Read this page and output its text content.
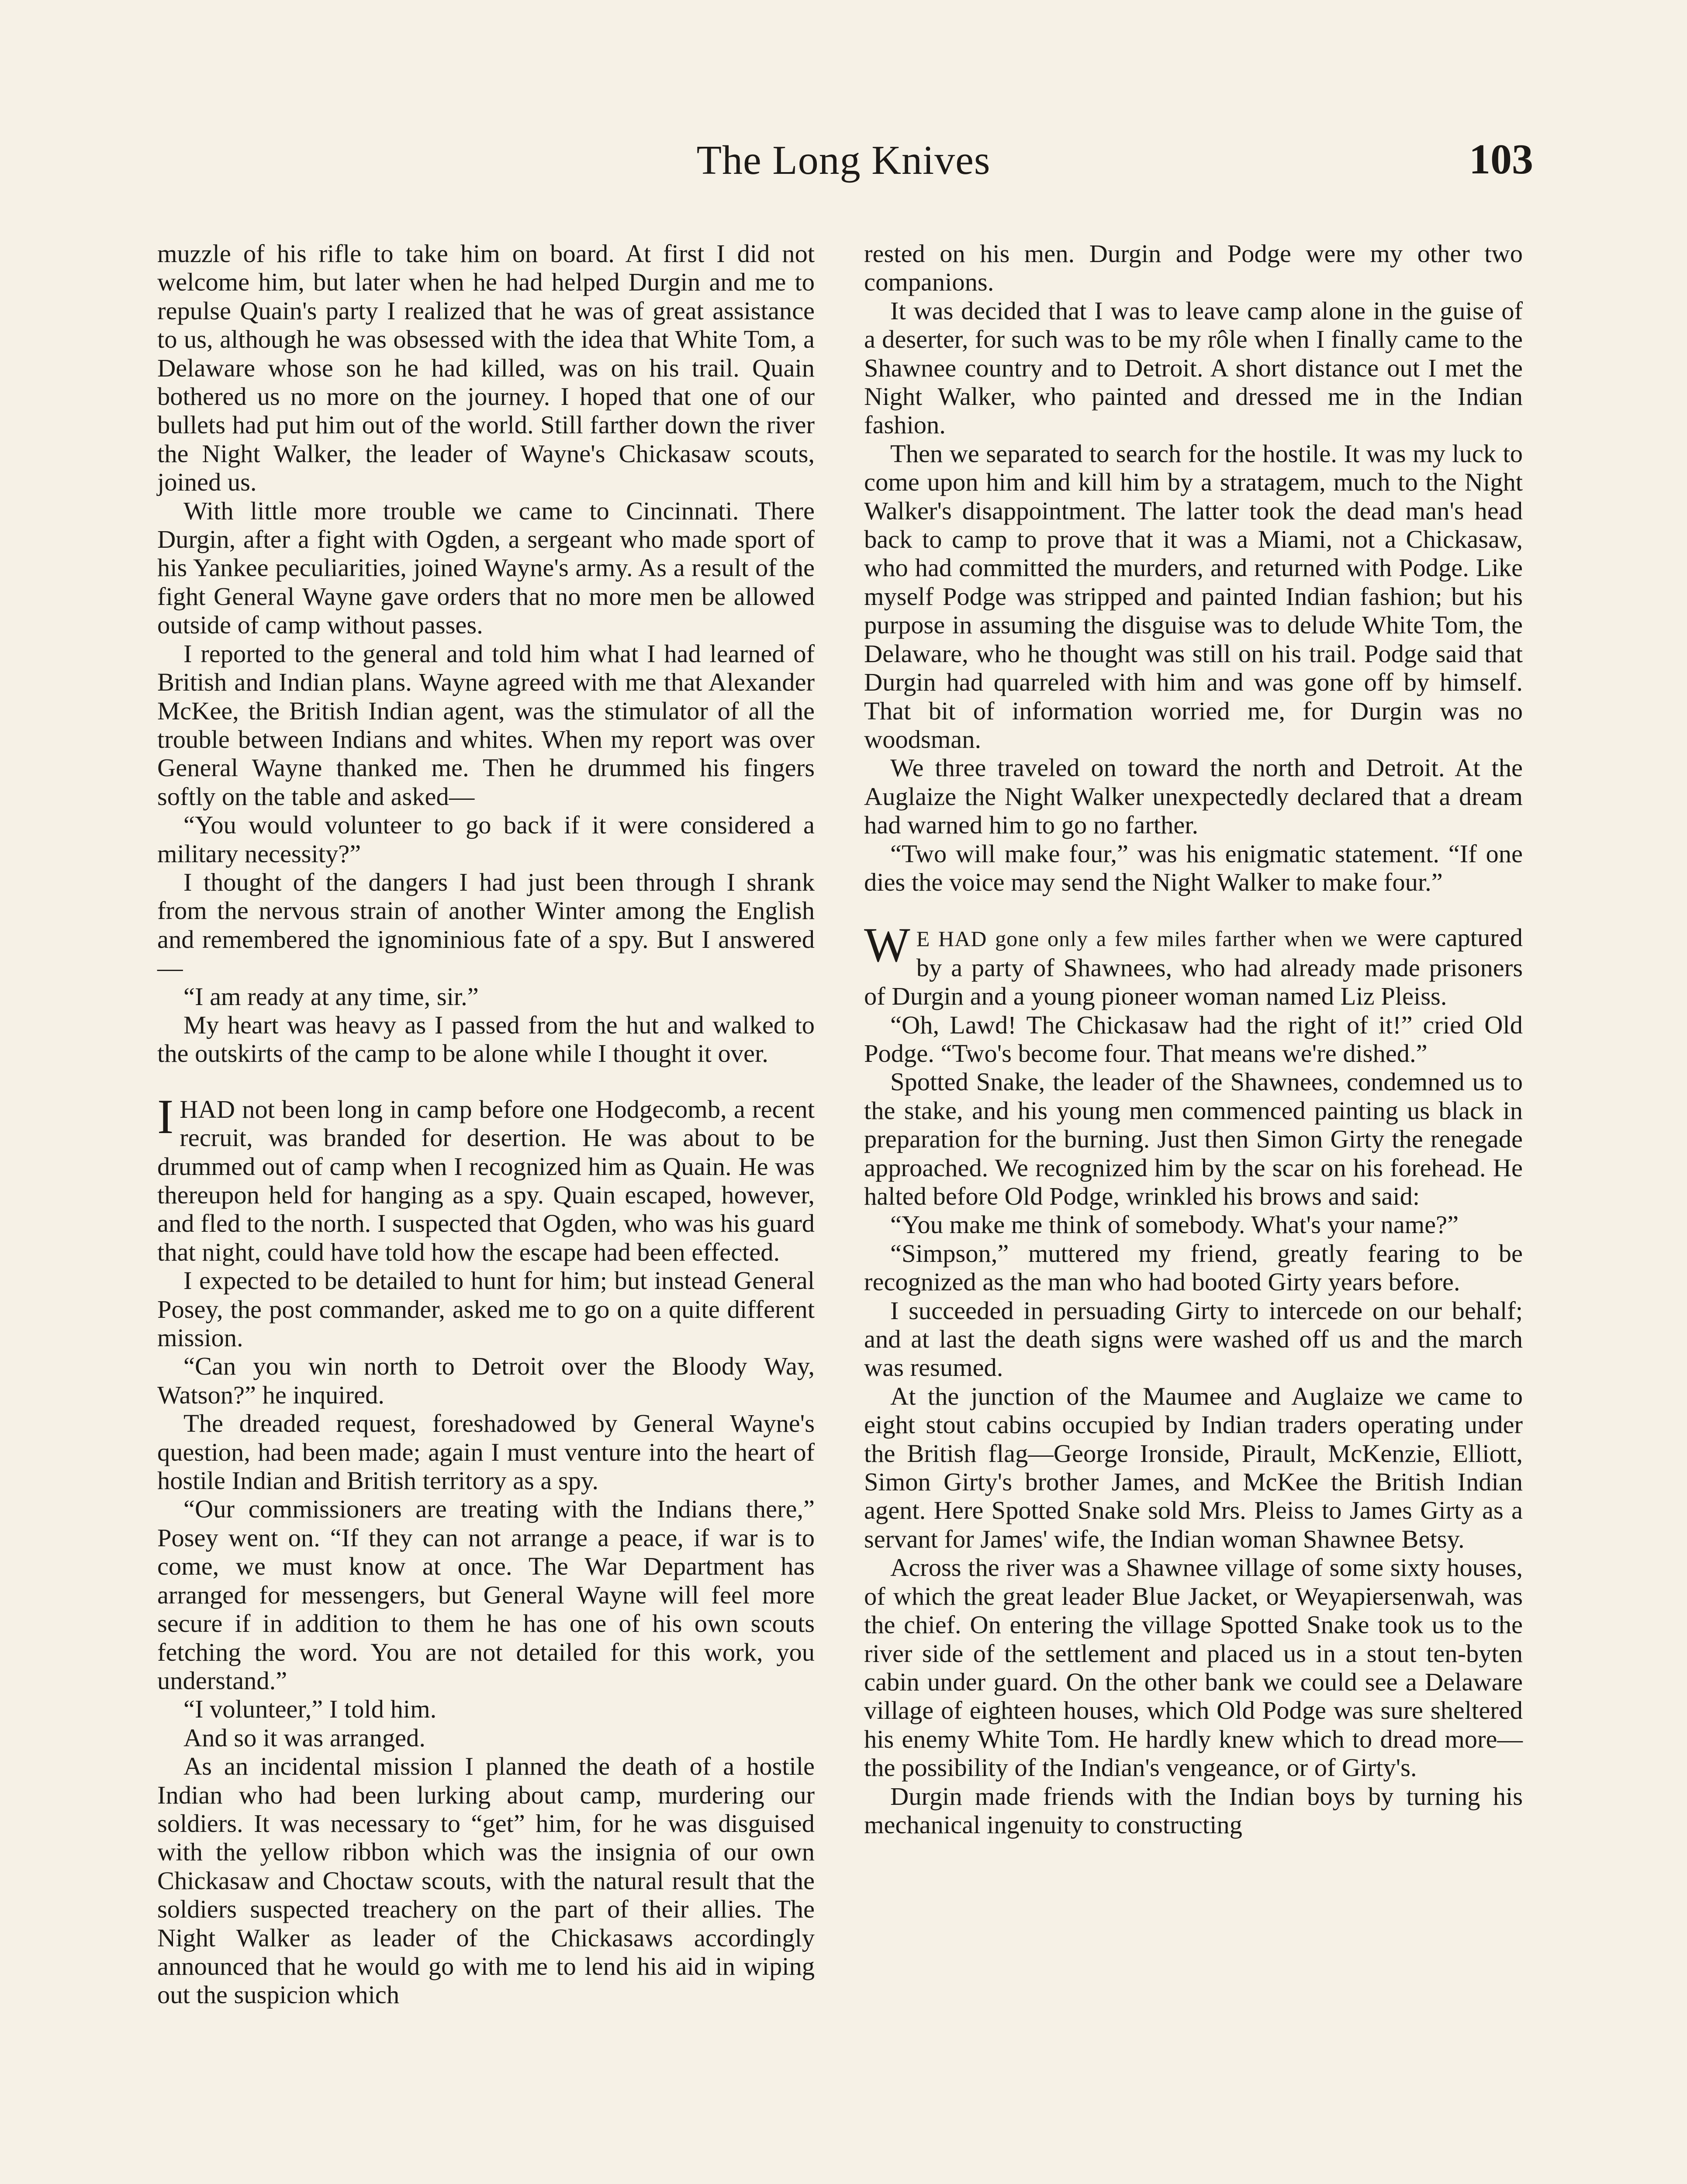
The Long Knives	103

muzzle of his rifle to take him on board. At first I did not welcome him, but later when he had helped Durgin and me to repulse Quain's party I realized that he was of great assistance to us, although he was obsessed with the idea that White Tom, a Delaware whose son he had killed, was on his trail. Quain bothered us no more on the journey. I hoped that one of our bullets had put him out of the world. Still farther down the river the Night Walker, the leader of Wayne's Chickasaw scouts, joined us.

With little more trouble we came to Cincinnati. There Durgin, after a fight with Ogden, a sergeant who made sport of his Yankee peculiarities, joined Wayne's army. As a result of the fight General Wayne gave orders that no more men be allowed outside of camp without passes.

I reported to the general and told him what I had learned of British and Indian plans. Wayne agreed with me that Alexander McKee, the British Indian agent, was the stimulator of all the trouble between Indians and whites. When my report was over General Wayne thanked me. Then he drummed his fingers softly on the table and asked—

“You would volunteer to go back if it were considered a military necessity?”

I thought of the dangers I had just been through I shrank from the nervous strain of another Winter among the English and remembered the ignominious fate of a spy. But I answered—

“I am ready at any time, sir.”

My heart was heavy as I passed from the hut and walked to the outskirts of the camp to be alone while I thought it over.

IHAD not been long in camp before one Hodgecomb, a recent recruit, was branded for desertion. He was about to be drummed out of camp when I recognized him as Quain. He was thereupon held for hanging as a spy. Quain escaped, however, and fled to the north. I suspected that Ogden, who was his guard that night, could have told how the escape had been effected.

I expected to be detailed to hunt for him; but instead General Posey, the post commander, asked me to go on a quite different mission.

“Can you win north to Detroit over the Bloody Way, Watson?” he inquired.

The dreaded request, foreshadowed by General Wayne's question, had been made; again I must venture into the heart of hostile Indian and British territory as a spy.

“Our commissioners are treating with the Indians there,” Posey went on. “If they can not arrange a peace, if war is to come, we must know at once. The War Department has arranged for messengers, but General Wayne will feel more secure if in addition to them he has one of his own scouts fetching the word. You are not detailed for this work, you understand.”

“I volunteer,” I told him.

And so it was arranged.

As an incidental mission I planned the death of a hostile Indian who had been lurking about camp, murdering our soldiers. It was necessary to “get” him, for he was disguised with the yellow ribbon which was the insignia of our own Chickasaw and Choctaw scouts, with the natural result that the soldiers suspected treachery on the part of their allies. The Night Walker as leader of the Chickasaws accordingly announced that he would go with me to lend his aid in wiping out the suspicion which

rested on his men. Durgin and Podge were my other two companions.

It was decided that I was to leave camp alone in the guise of a deserter, for such was to be my rôle when I finally came to the Shawnee country and to Detroit. A short distance out I met the Night Walker, who painted and dressed me in the Indian fashion.

Then we separated to search for the hostile. It was my luck to come upon him and kill him by a stratagem, much to the Night Walker's disappointment. The latter took the dead man's head back to camp to prove that it was a Miami, not a Chickasaw, who had committed the murders, and returned with Podge. Like myself Podge was stripped and painted Indian fashion; but his purpose in assuming the disguise was to delude White Tom, the Delaware, who he thought was still on his trail. Podge said that Durgin had quarreled with him and was gone off by himself. That bit of information worried me, for Durgin was no woodsman.

We three traveled on toward the north and Detroit. At the Auglaize the Night Walker unexpectedly declared that a dream had warned him to go no farther.

“Two will make four,” was his enigmatic statement. “If one dies the voice may send the Night Walker to make four.”

W E HAD gone only a few miles farther when we were captured by a party of Shawnees, who had already made prisoners of Durgin and a young pioneer woman named Liz Pleiss.

“Oh, Lawd! The Chickasaw had the right of it!” cried Old Podge. “Two's become four. That means we're dished.”

Spotted Snake, the leader of the Shawnees, condemned us to the stake, and his young men commenced painting us black in preparation for the burning. Just then Simon Girty the renegade approached. We recognized him by the scar on his forehead. He halted before Old Podge, wrinkled his brows and said:

“You make me think of somebody. What's your name?”

“Simpson,” muttered my friend, greatly fearing to be recognized as the man who had booted Girty years before.

I succeeded in persuading Girty to intercede on our behalf; and at last the death signs were washed off us and the march was resumed.

At the junction of the Maumee and Auglaize we came to eight stout cabins occupied by Indian traders operating under the British flag—George Ironside, Pirault, McKenzie, Elliott, Simon Girty's brother James, and McKee the British Indian agent. Here Spotted Snake sold Mrs. Pleiss to James Girty as a servant for James' wife, the Indian woman Shawnee Betsy.

Across the river was a Shawnee village of some sixty houses, of which the great leader Blue Jacket, or Weyapiersenwah, was the chief. On entering the village Spotted Snake took us to the river side of the settlement and placed us in a stout ten-byten cabin under guard. On the other bank we could see a Delaware village of eighteen houses, which Old Podge was sure sheltered his enemy White Tom. He hardly knew which to dread more—the possibility of the Indian's vengeance, or of Girty's.

Durgin made friends with the Indian boys by turning his mechanical ingenuity to constructing
